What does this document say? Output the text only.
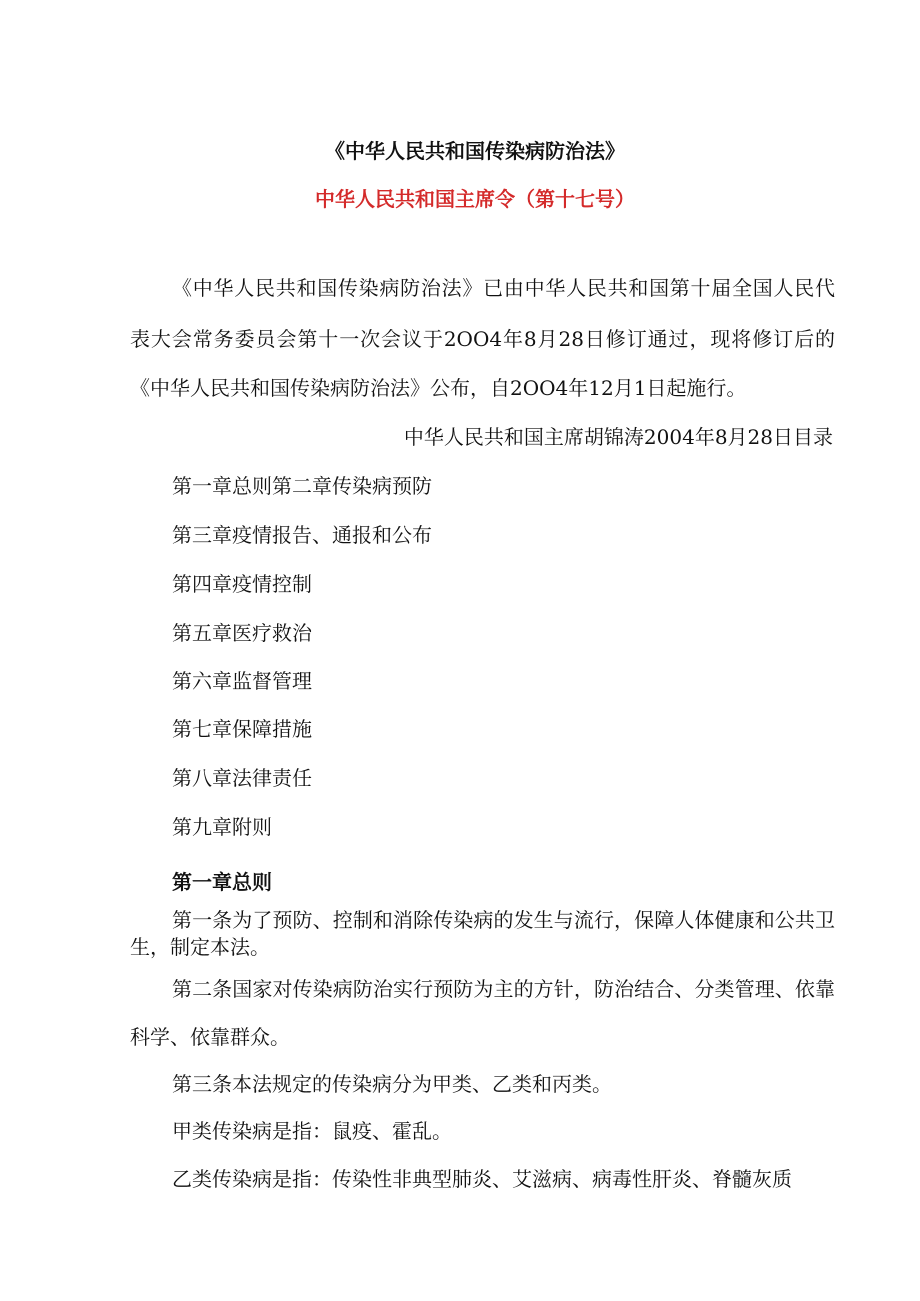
《中华人民共和国传染病防治法》
中华人民共和国主席令（第十七号）
《中华人民共和国传染病防治法》已由中华人民共和国第十届全国人民代
表大会常务委员会第十一次会议于2OO4年8月28日修订通过，现将修订后的
《中华人民共和国传染病防治法》公布，自2OO4年12月1日起施行。
中华人民共和国主席胡锦涛2004年8月28日目录
第一章总则第二章传染病预防
第三章疫情报告、通报和公布
第四章疫情控制
第五章医疗救治
第六章监督管理
第七章保障措施
第八章法律责任
第九章附则
第一章总则
第一条为了预防、控制和消除传染病的发生与流行，保障人体健康和公共卫
生，制定本法。
第二条国家对传染病防治实行预防为主的方针，防治结合、分类管理、依靠
科学、依靠群众。
第三条本法规定的传染病分为甲类、乙类和丙类。
甲类传染病是指：鼠疫、霍乱。
乙类传染病是指：传染性非典型肺炎、艾滋病、病毒性肝炎、脊髓灰质
